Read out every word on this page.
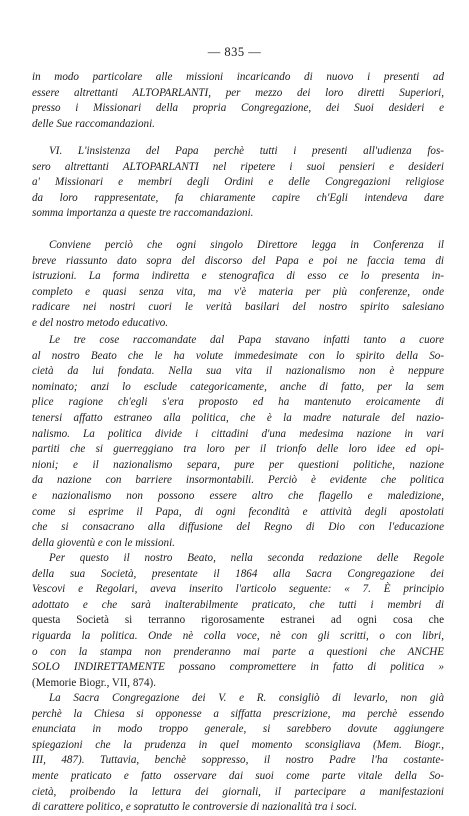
— 835 —
in modo particolare alle missioni incaricando di nuovo i presenti ad
essere altrettanti ALTOPARLANTI, per mezzo dei loro diretti Superiori,
presso i Missionari della propria Congregazione, dei Suoi desideri e
delle Sue raccomandazioni.
VI. L'insistenza del Papa perchè tutti i presenti all'udienza fos-
sero altrettanti ALTOPARLANTI nel ripetere i suoi pensieri e desideri
a' Missionari e membri degli Ordini e delle Congregazioni religiose
da loro rappresentate, fa chiaramente capire ch'Egli intendeva dare
somma importanza a queste tre raccomandazioni.
Conviene perciò che ogni singolo Direttore legga in Conferenza il
breve riassunto dato sopra del discorso del Papa e poi ne faccia tema di
istruzioni. La forma indiretta e stenografica di esso ce lo presenta in-
completo e quasi senza vita, ma v'è materia per più conferenze, onde
radicare nei nostri cuori le verità basilari del nostro spirito salesiano
e del nostro metodo educativo.
Le tre cose raccomandate dal Papa stavano infatti tanto a cuore
al nostro Beato che le ha volute immedesimate con lo spirito della So-
cietà da lui fondata. Nella sua vita il nazionalismo non è neppure
nominato; anzi lo esclude categoricamente, anche di fatto, per la sem
plice ragione ch'egli s'era proposto ed ha mantenuto eroicamente di
tenersi affatto estraneo alla politica, che è la madre naturale del nazio-
nalismo. La politica divide i cittadini d'una medesima nazione in vari
partiti che si guerreggiano tra loro per il trionfo delle loro idee ed opi-
nioni; e il nazionalismo separa, pure per questioni politiche, nazione
da nazione con barriere insormontabili. Perciò è evidente che politica
e nazionalismo non possono essere altro che flagello e maledizione,
come si esprime il Papa, di ogni fecondità e attività degli apostolati
che si consacrano alla diffusione del Regno di Dio con l'educazione
della gioventù e con le missioni.
Per questo il nostro Beato, nella seconda redazione delle Regole
della sua Società, presentate il 1864 alla Sacra Congregazione dei
Vescovi e Regolari, aveva inserito l'articolo seguente: « 7. È principio
adottato e che sarà inalterabilmente praticato, che tutti i membri di
questa Società si terranno rigorosamente estranei ad ogni cosa che
riguarda la politica. Onde nè colla voce, nè con gli scritti, o con libri,
o con la stampa non prenderanno mai parte a questioni che ANCHE
SOLO INDIRETTAMENTE possano compromettere in fatto di politica »
(Memorie Biogr., VII, 874).
La Sacra Congregazione dei V. e R. consigliò di levarlo, non già
perchè la Chiesa si opponesse a siffatta prescrizione, ma perchè essendo
enunciata in modo troppo generale, si sarebbero dovute aggiungere
spiegazioni che la prudenza in quel momento sconsigliava (Mem. Biogr.,
III, 487). Tuttavia, benchè soppresso, il nostro Padre l'ha costante-
mente praticato e fatto osservare dai suoi come parte vitale della So-
cietà, proibendo la lettura dei giornali, il partecipare a manifestazioni
di carattere politico, e sopratutto le controversie di nazionalità tra i soci.
